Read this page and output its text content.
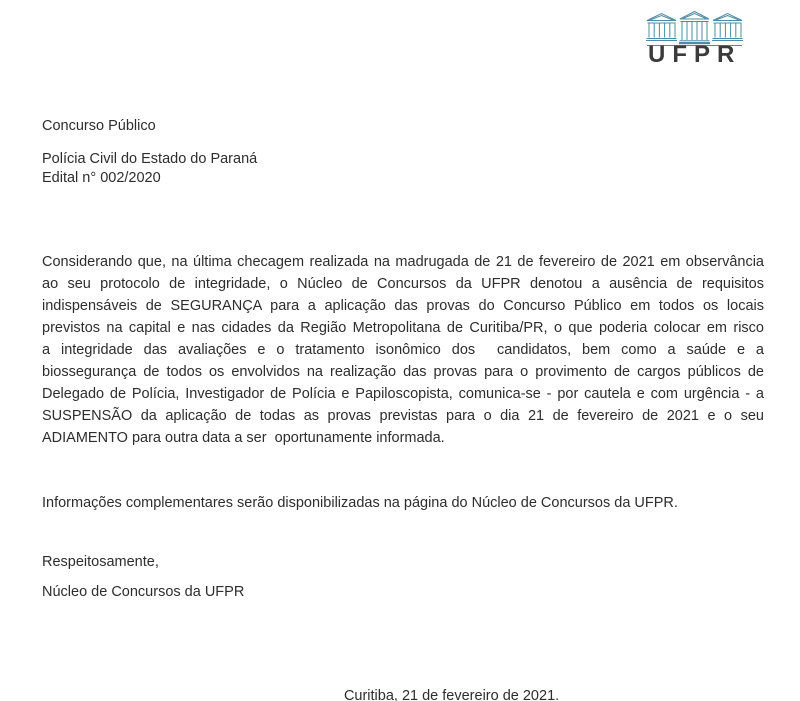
UFPR
Concurso Público
Polícia Civil do Estado do Paraná
Edital n° 002/2020
Considerando que, na última checagem realizada na madrugada de 21 de fevereiro de 2021 em observância
ao seu protocolo de integridade, o Núcleo de Concursos da UFPR denotou a ausência de requisitos
indispensáveis de SEGURANÇA para a aplicação das provas do Concurso Público em todos os locais
previstos na capital e nas cidades da Região Metropolitana de Curitiba/PR, o que poderia colocar em risco
a integridade das avaliações e o tratamento isonômico dos  candidatos, bem como a saúde e a
biossegurança de todos os envolvidos na realização das provas para o provimento de cargos públicos de
Delegado de Polícia, Investigador de Polícia e Papiloscopista, comunica-se - por cautela e com urgência - a
SUSPENSÃO da aplicação de todas as provas previstas para o dia 21 de fevereiro de 2021 e o seu
ADIAMENTO para outra data a ser  oportunamente informada.
Informações complementares serão disponibilizadas na página do Núcleo de Concursos da UFPR.
Respeitosamente,
Núcleo de Concursos da UFPR

Curitiba, 21 de fevereiro de 2021.
